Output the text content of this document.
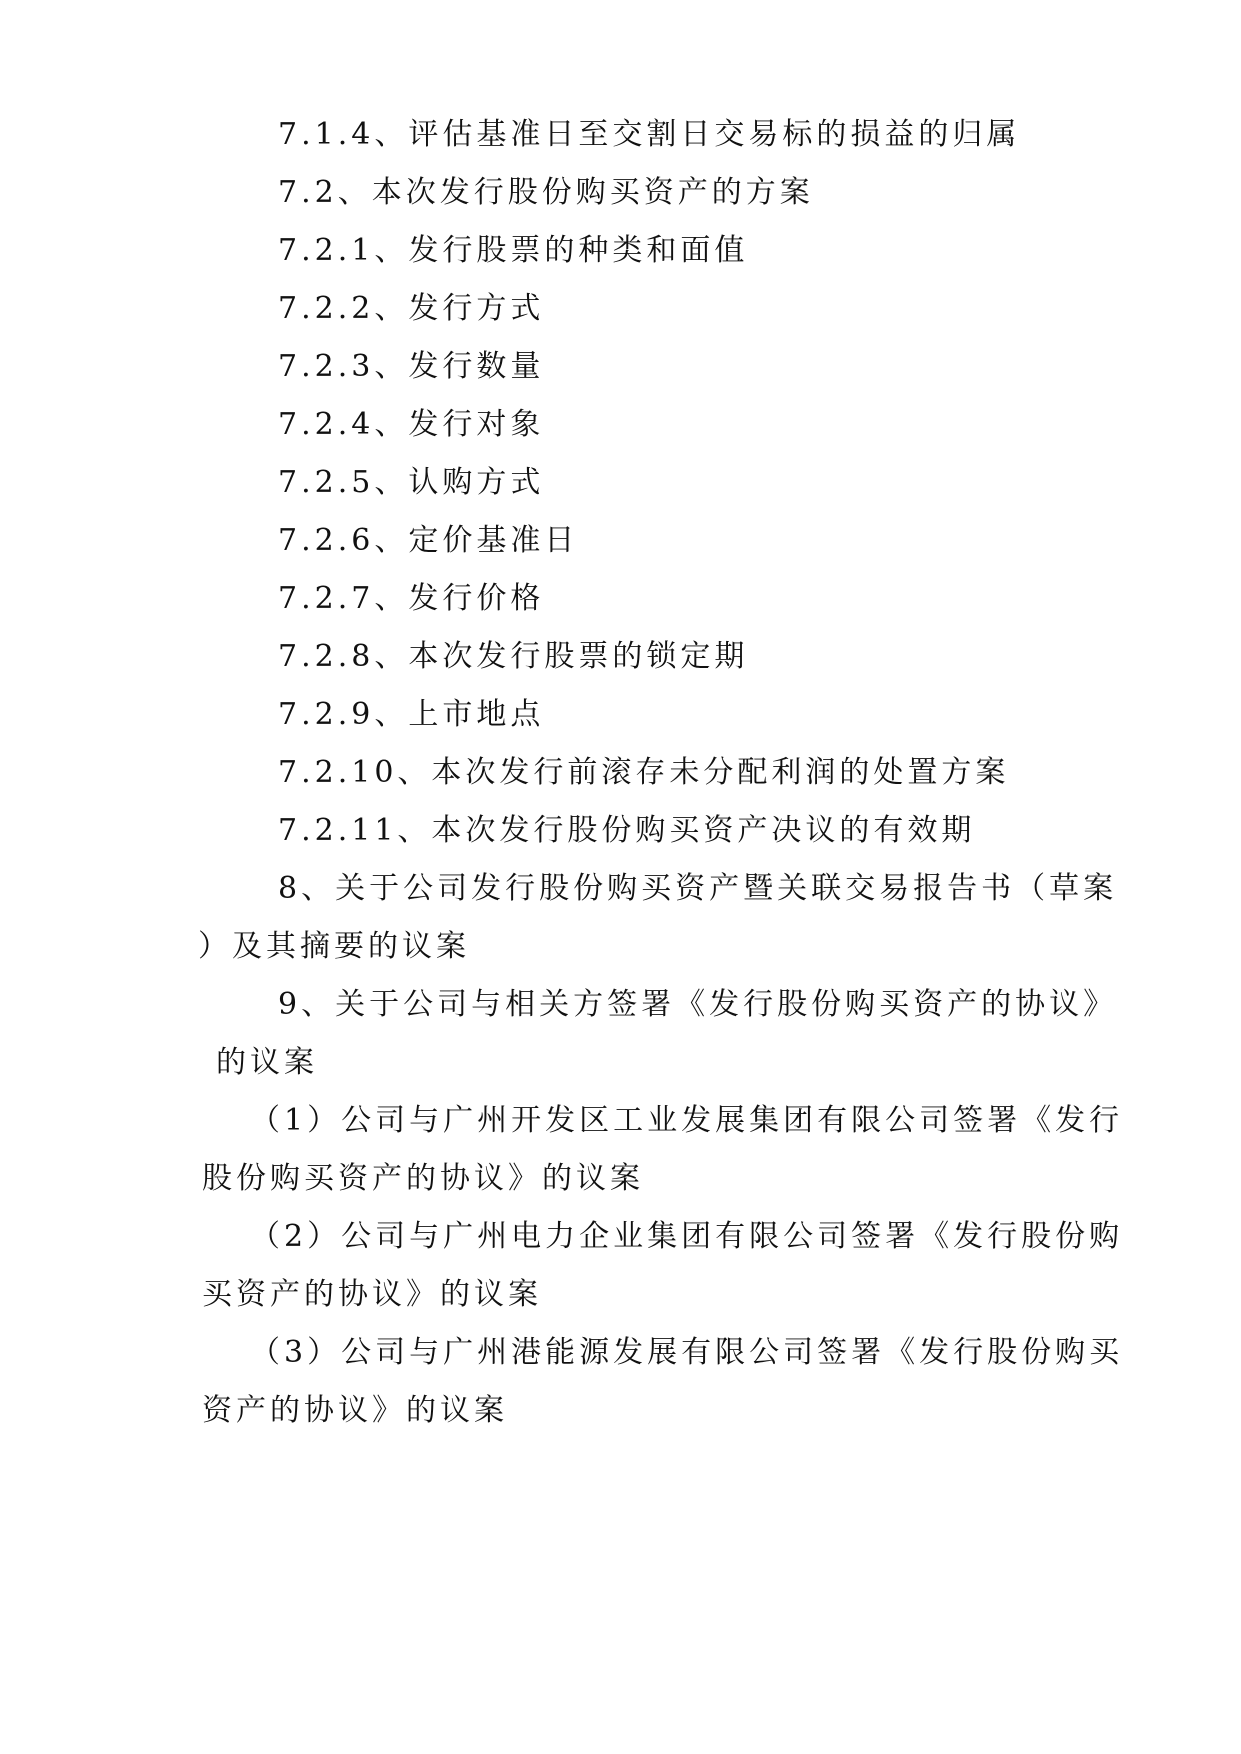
7.1.4、评估基准日至交割日交易标的损益的归属
7.2、本次发行股份购买资产的方案
7.2.1、发行股票的种类和面值
7.2.2、发行方式
7.2.3、发行数量
7.2.4、发行对象
7.2.5、认购方式
7.2.6、定价基准日
7.2.7、发行价格
7.2.8、本次发行股票的锁定期
7.2.9、上市地点
7.2.10、本次发行前滚存未分配利润的处置方案
7.2.11、本次发行股份购买资产决议的有效期
8、关于公司发行股份购买资产暨关联交易报告书（草案
）及其摘要的议案
9、关于公司与相关方签署《发行股份购买资产的协议》
的议案
（1）公司与广州开发区工业发展集团有限公司签署《发行
股份购买资产的协议》的议案
（2）公司与广州电力企业集团有限公司签署《发行股份购
买资产的协议》的议案
（3）公司与广州港能源发展有限公司签署《发行股份购买
资产的协议》的议案
